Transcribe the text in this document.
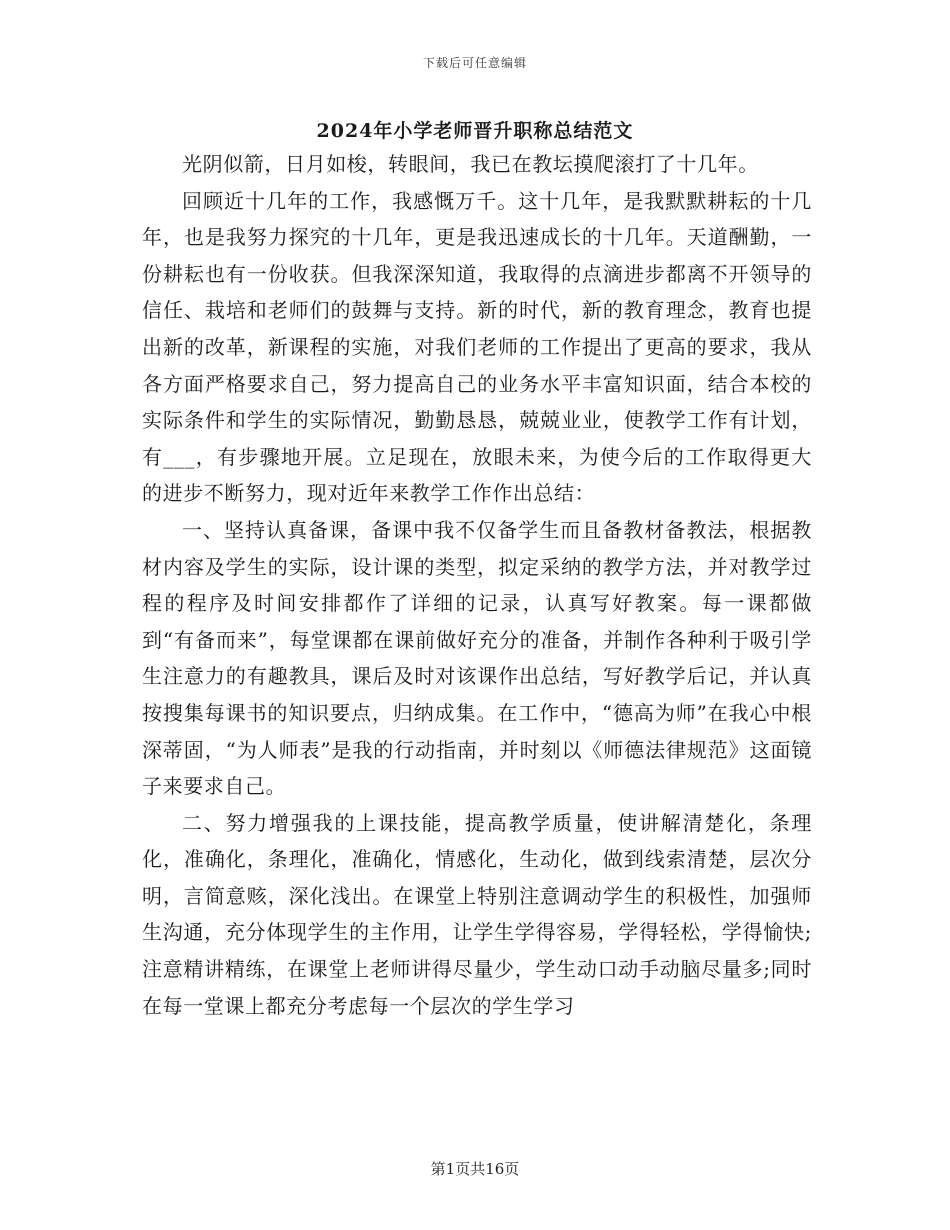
下载后可任意编辑
2024年小学老师晋升职称总结范文

光阴似箭，日月如梭，转眼间，我已在教坛摸爬滚打了十几年。

回顾近十几年的工作，我感慨万千。这十几年，是我默默耕耘的十几年，也是我努力探究的十几年，更是我迅速成长的十几年。天道酬勤，一份耕耘也有一份收获。但我深深知道，我取得的点滴进步都离不开领导的信任、栽培和老师们的鼓舞与支持。新的时代，新的教育理念，教育也提出新的改革，新课程的实施，对我们老师的工作提出了更高的要求，我从各方面严格要求自己，努力提高自己的业务水平丰富知识面，结合本校的实际条件和学生的实际情况，勤勤恳恳，兢兢业业，使教学工作有计划，有___，有步骤地开展。立足现在，放眼未来，为使今后的工作取得更大的进步不断努力，现对近年来教学工作作出总结：

一、坚持认真备课，备课中我不仅备学生而且备教材备教法，根据教材内容及学生的实际，设计课的类型，拟定采纳的教学方法，并对教学过程的程序及时间安排都作了详细的记录，认真写好教案。每一课都做到“有备而来”，每堂课都在课前做好充分的准备，并制作各种利于吸引学生注意力的有趣教具，课后及时对该课作出总结，写好教学后记，并认真按搜集每课书的知识要点，归纳成集。在工作中，“德高为师”在我心中根深蒂固，“为人师表”是我的行动指南，并时刻以《师德法律规范》这面镜子来要求自己。

二、努力增强我的上课技能，提高教学质量，使讲解清楚化，条理化，准确化，条理化，准确化，情感化，生动化，做到线索清楚，层次分明，言简意赅，深化浅出。在课堂上特别注意调动学生的积极性，加强师生沟通，充分体现学生的主作用，让学生学得容易，学得轻松，学得愉快;注意精讲精练，在课堂上老师讲得尽量少，学生动口动手动脑尽量多;同时在每一堂课上都充分考虑每一个层次的学生学习

第1页共16页
